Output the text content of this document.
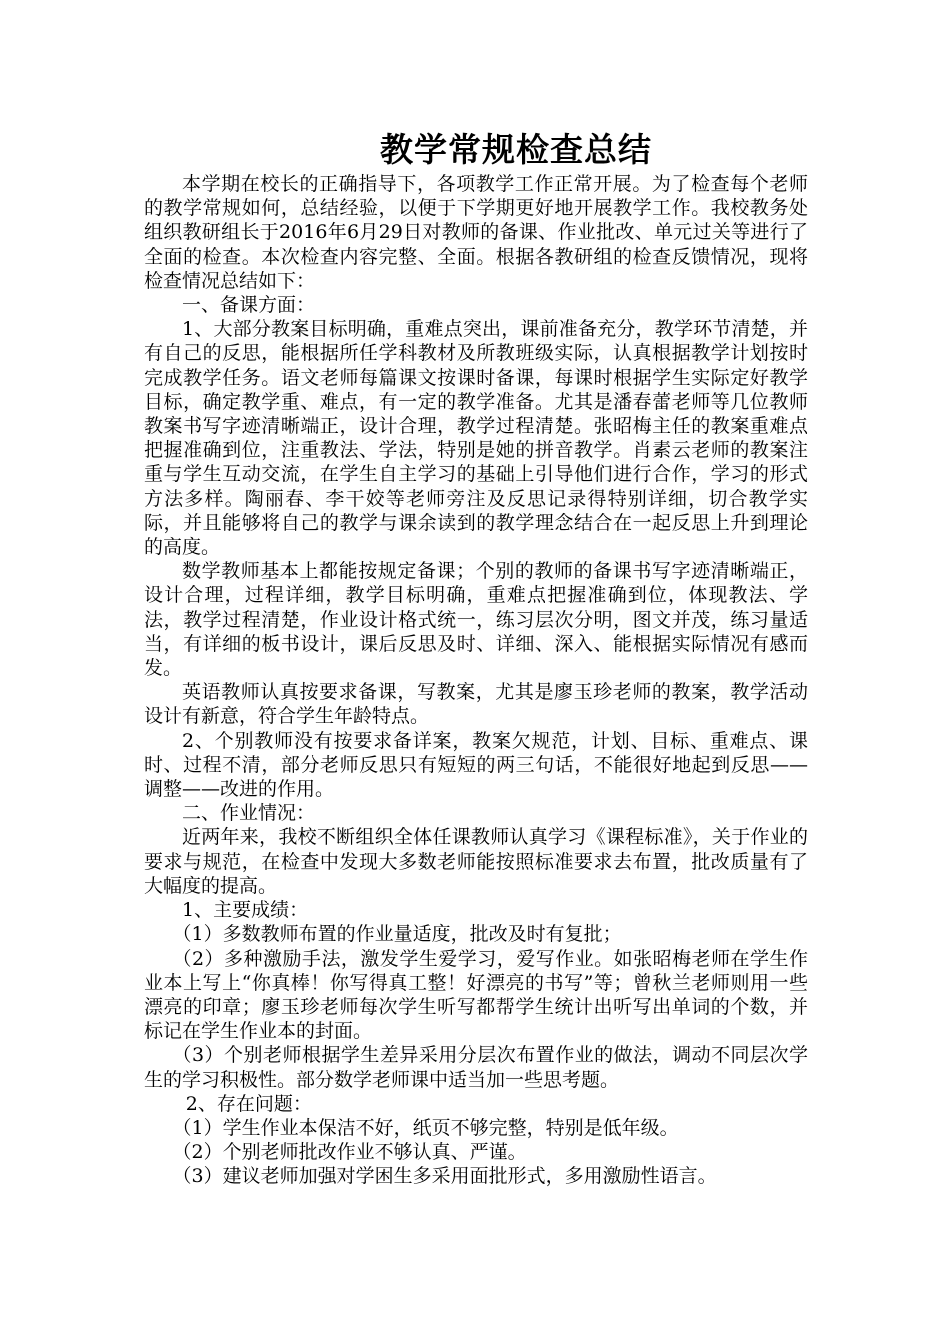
教学常规检查总结

本学期在校长的正确指导下，各项教学工作正常开展。为了检查每个老师的教学常规如何，总结经验，以便于下学期更好地开展教学工作。我校教务处组织教研组长于2016年6月29日对教师的备课、作业批改、单元过关等进行了全面的检查。本次检查内容完整、全面。根据各教研组的检查反馈情况，现将检查情况总结如下：

一、备课方面：

1、大部分教案目标明确，重难点突出，课前准备充分，教学环节清楚，并有自己的反思，能根据所任学科教材及所教班级实际，认真根据教学计划按时完成教学任务。语文老师每篇课文按课时备课，每课时根据学生实际定好教学目标，确定教学重、难点，有一定的教学准备。尤其是潘春蕾老师等几位教师教案书写字迹清晰端正，设计合理，教学过程清楚。张昭梅主任的教案重难点把握准确到位，注重教法、学法，特别是她的拼音教学。肖素云老师的教案注重与学生互动交流，在学生自主学习的基础上引导他们进行合作，学习的形式方法多样。陶丽春、李干姣等老师旁注及反思记录得特别详细，切合教学实际，并且能够将自己的教学与课余读到的教学理念结合在一起反思上升到理论的高度。

数学教师基本上都能按规定备课；个别的教师的备课书写字迹清晰端正，设计合理，过程详细，教学目标明确，重难点把握准确到位，体现教法、学法，教学过程清楚，作业设计格式统一，练习层次分明，图文并茂，练习量适当，有详细的板书设计，课后反思及时、详细、深入、能根据实际情况有感而发。

英语教师认真按要求备课，写教案，尤其是廖玉珍老师的教案，教学活动设计有新意，符合学生年龄特点。

2、个别教师没有按要求备详案，教案欠规范，计划、目标、重难点、课时、过程不清，部分老师反思只有短短的两三句话，不能很好地起到反思——调整——改进的作用。

二、作业情况：

近两年来，我校不断组织全体任课教师认真学习《课程标准》，关于作业的要求与规范，在检查中发现大多数老师能按照标准要求去布置，批改质量有了大幅度的提高。

1、主要成绩：

（1）多数教师布置的作业量适度，批改及时有复批；

（2）多种激励手法，激发学生爱学习，爱写作业。如张昭梅老师在学生作业本上写上“你真棒！你写得真工整！好漂亮的书写”等；曾秋兰老师则用一些漂亮的印章；廖玉珍老师每次学生听写都帮学生统计出听写出单词的个数，并标记在学生作业本的封面。

（3）个别老师根据学生差异采用分层次布置作业的做法，调动不同层次学生的学习积极性。部分数学老师课中适当加一些思考题。

2、存在问题：

（1）学生作业本保洁不好，纸页不够完整，特别是低年级。

（2）个别老师批改作业不够认真、严谨。

（3）建议老师加强对学困生多采用面批形式，多用激励性语言。
